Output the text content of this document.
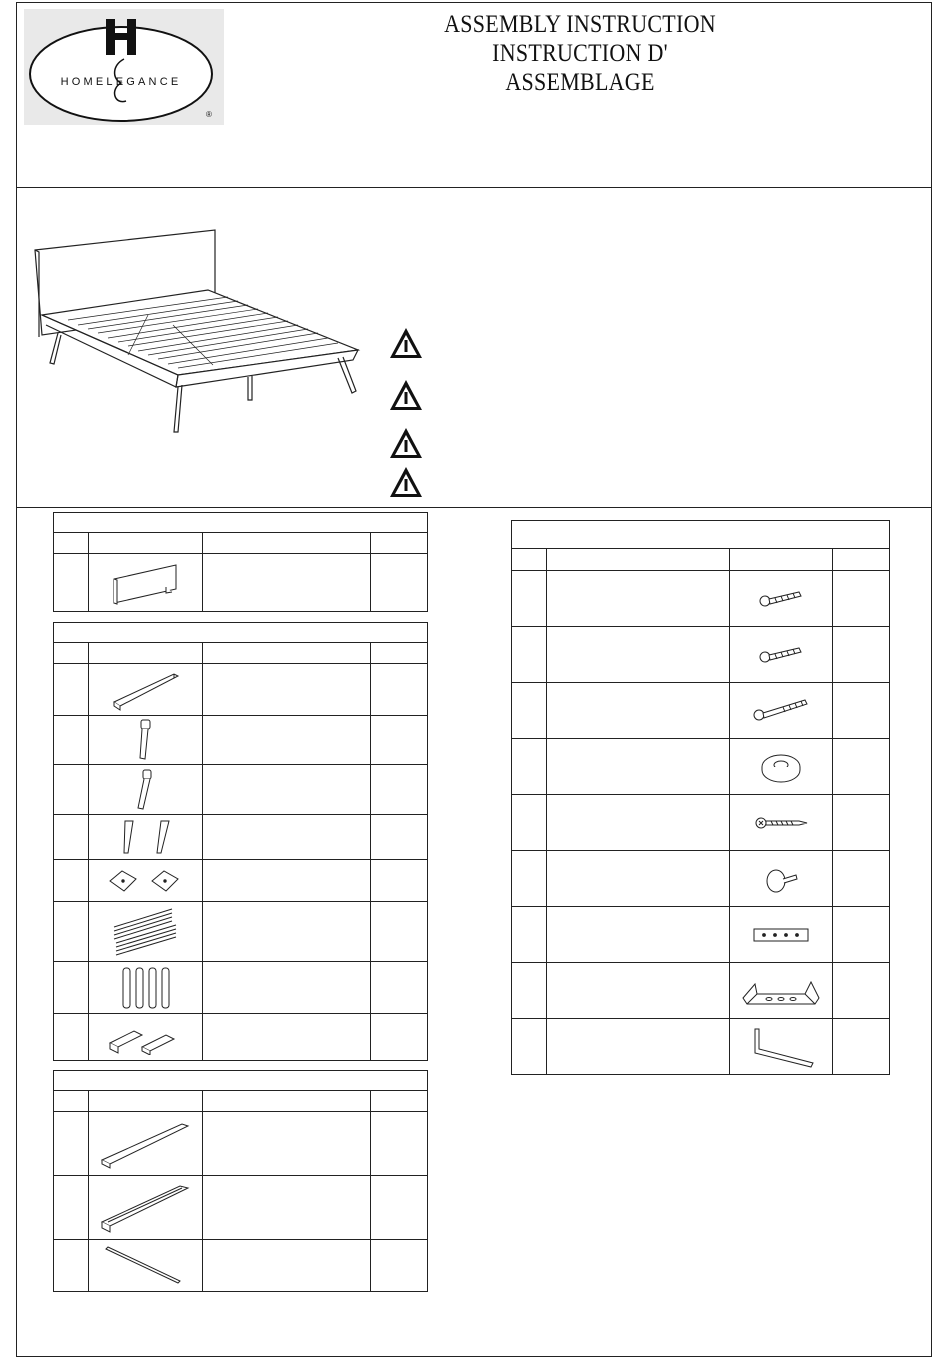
HOMELEGANCE
®
ASSEMBLY INSTRUCTION
INSTRUCTION D' ASSEMBLAGE
